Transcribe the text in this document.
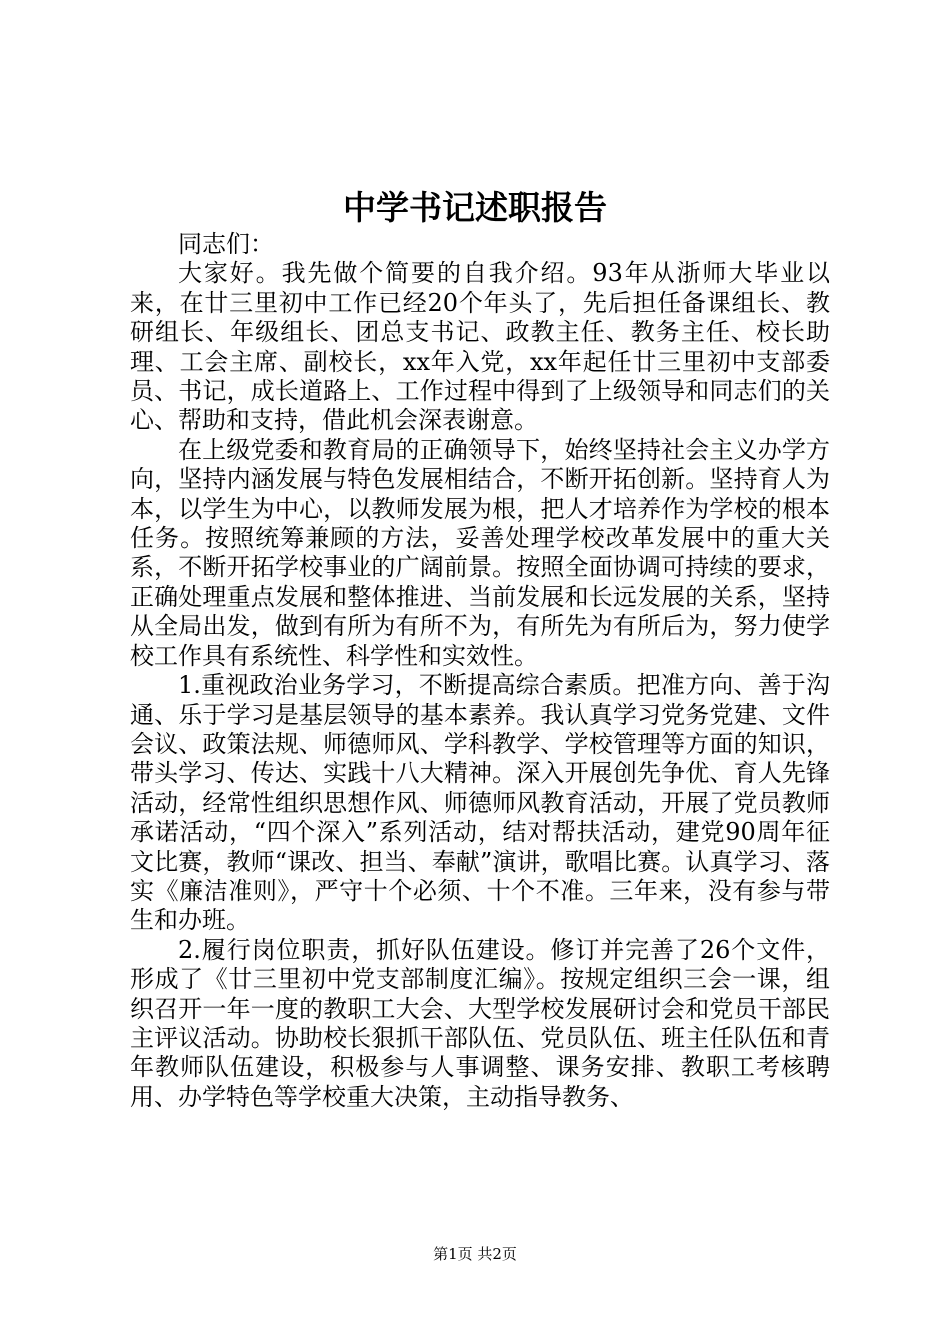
中学书记述职报告

同志们：

大家好。我先做个简要的自我介绍。93年从浙师大毕业以来，在廿三里初中工作已经20个年头了，先后担任备课组长、教研组长、年级组长、团总支书记、政教主任、教务主任、校长助理、工会主席、副校长，xx年入党，xx年起任廿三里初中支部委员、书记，成长道路上、工作过程中得到了上级领导和同志们的关心、帮助和支持，借此机会深表谢意。

在上级党委和教育局的正确领导下，始终坚持社会主义办学方向，坚持内涵发展与特色发展相结合，不断开拓创新。坚持育人为本，以学生为中心，以教师发展为根，把人才培养作为学校的根本任务。按照统筹兼顾的方法，妥善处理学校改革发展中的重大关系，不断开拓学校事业的广阔前景。按照全面协调可持续的要求，正确处理重点发展和整体推进、当前发展和长远发展的关系，坚持从全局出发，做到有所为有所不为，有所先为有所后为，努力使学校工作具有系统性、科学性和实效性。

1.重视政治业务学习，不断提高综合素质。把准方向、善于沟通、乐于学习是基层领导的基本素养。我认真学习党务党建、文件会议、政策法规、师德师风、学科教学、学校管理等方面的知识，带头学习、传达、实践十八大精神。深入开展创先争优、育人先锋活动，经常性组织思想作风、师德师风教育活动，开展了党员教师承诺活动，“四个深入”系列活动，结对帮扶活动，建党90周年征文比赛，教师“课改、担当、奉献”演讲，歌唱比赛。认真学习、落实《廉洁准则》，严守十个必须、十个不准。三年来，没有参与带生和办班。

2.履行岗位职责，抓好队伍建设。修订并完善了26个文件，形成了《廿三里初中党支部制度汇编》。按规定组织三会一课，组织召开一年一度的教职工大会、大型学校发展研讨会和党员干部民主评议活动。协助校长狠抓干部队伍、党员队伍、班主任队伍和青年教师队伍建设，积极参与人事调整、课务安排、教职工考核聘用、办学特色等学校重大决策，主动指导教务、

第1页 共2页
